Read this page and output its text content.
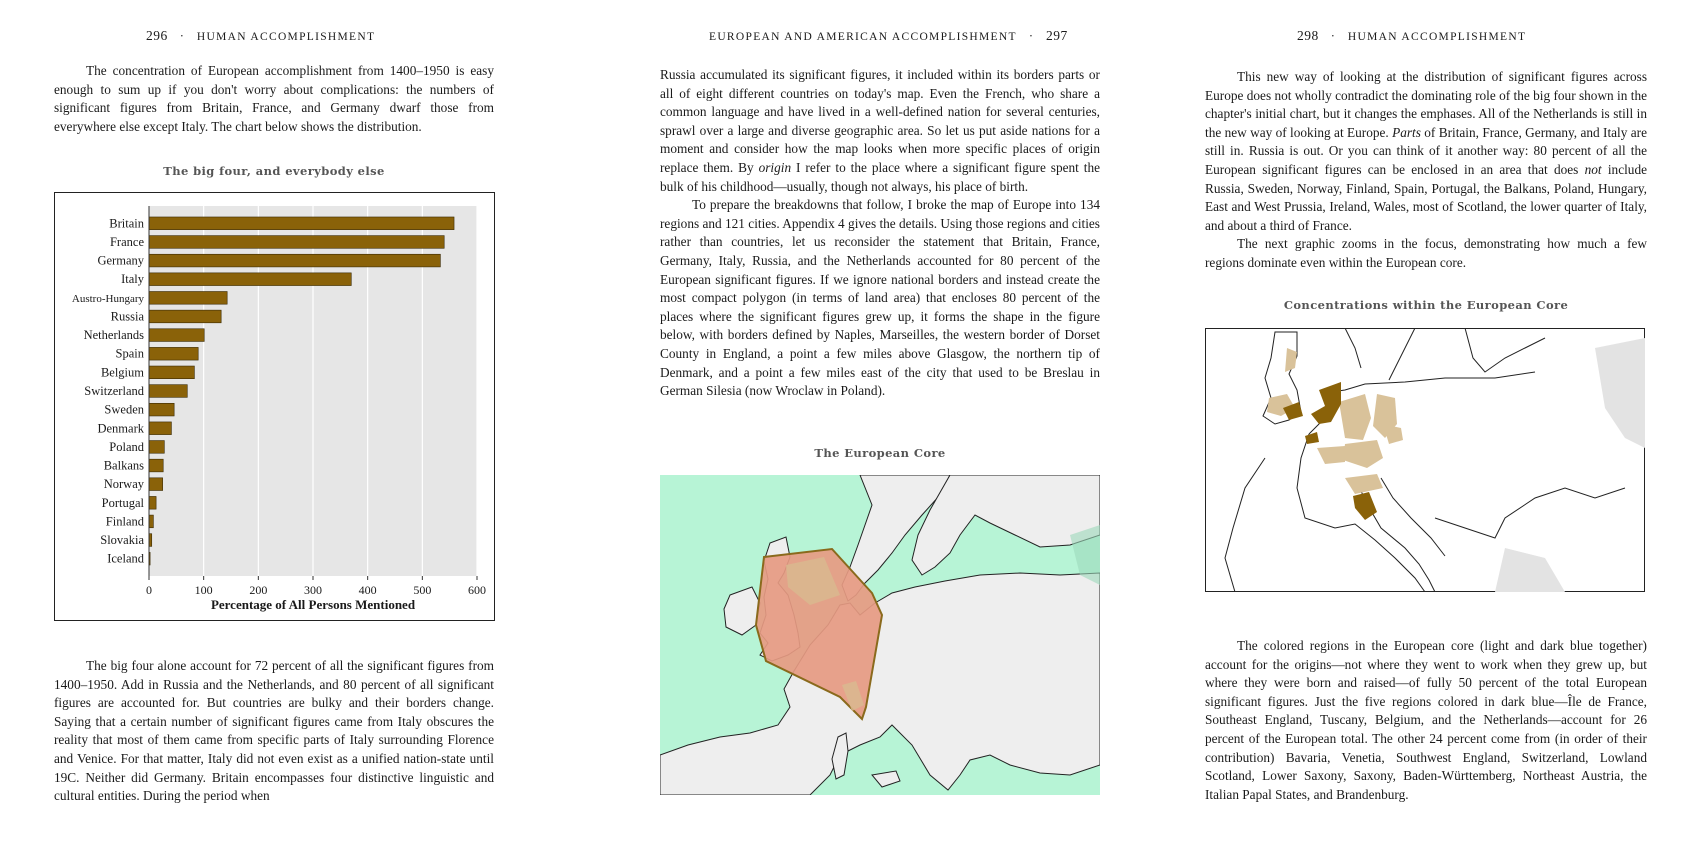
296 · HUMAN ACCOMPLISHMENT

The concentration of European accomplishment from 1400–1950 is easy enough to sum up if you don't worry about complications: the numbers of significant figures from Britain, France, and Germany dwarf those from everywhere else except Italy. The chart below shows the distribution.

The big four, and everybody else
Britain
France
Germany
Italy
Austro-Hungary
Russia
Netherlands
Spain
Belgium
Switzerland
Sweden
Denmark
Poland
Balkans
Norway
Portugal
Finland
Slovakia
Iceland
0	100	200	300	400	500	600
Percentage of All Persons Mentioned

The big four alone account for 72 percent of all the significant figures from 1400–1950. Add in Russia and the Netherlands, and 80 percent of all significant figures are accounted for. But countries are bulky and their borders change. Saying that a certain number of significant figures came from Italy obscures the reality that most of them came from specific parts of Italy surrounding Florence and Venice. For that matter, Italy did not even exist as a unified nation-state until 19C. Neither did Germany. Britain encompasses four distinctive linguistic and cultural entities. During the period when

EUROPEAN AND AMERICAN ACCOMPLISHMENT · 297

Russia accumulated its significant figures, it included within its borders parts or all of eight different countries on today's map. Even the French, who share a common language and have lived in a well-defined nation for several centuries, sprawl over a large and diverse geographic area. So let us put aside nations for a moment and consider how the map looks when more specific places of origin replace them. By origin I refer to the place where a significant figure spent the bulk of his childhood—usually, though not always, his place of birth.

To prepare the breakdowns that follow, I broke the map of Europe into 134 regions and 121 cities. Appendix 4 gives the details. Using those regions and cities rather than countries, let us reconsider the statement that Britain, France, Germany, Italy, Russia, and the Netherlands accounted for 80 percent of the European significant figures. If we ignore national borders and instead create the most compact polygon (in terms of land area) that encloses 80 percent of the places where the significant figures grew up, it forms the shape in the figure below, with borders defined by Naples, Marseilles, the western border of Dorset County in England, a point a few miles above Glasgow, the northern tip of Denmark, and a point a few miles east of the city that used to be Breslau in German Silesia (now Wroclaw in Poland).

The European Core
298 · HUMAN ACCOMPLISHMENT

This new way of looking at the distribution of significant figures across Europe does not wholly contradict the dominating role of the big four shown in the chapter's initial chart, but it changes the emphases. All of the Netherlands is still in the new way of looking at Europe. Parts of Britain, France, Germany, and Italy are still in. Russia is out. Or you can think of it another way: 80 percent of all the European significant figures can be enclosed in an area that does not include Russia, Sweden, Norway, Finland, Spain, Portugal, the Balkans, Poland, Hungary, East and West Prussia, Ireland, Wales, most of Scotland, the lower quarter of Italy, and about a third of France.

The next graphic zooms in the focus, demonstrating how much a few regions dominate even within the European core.

Concentrations within the European Core

The colored regions in the European core (light and dark blue together) account for the origins—not where they went to work when they grew up, but where they were born and raised—of fully 50 percent of the total European significant figures. Just the five regions colored in dark blue—Île de France, Southeast England, Tuscany, Belgium, and the Netherlands—account for 26 percent of the European total. The other 24 percent come from (in order of their contribution) Bavaria, Venetia, Southwest England, Switzerland, Lowland Scotland, Lower Saxony, Saxony, Baden-Württemberg, Northeast Austria, the Italian Papal States, and Brandenburg.
